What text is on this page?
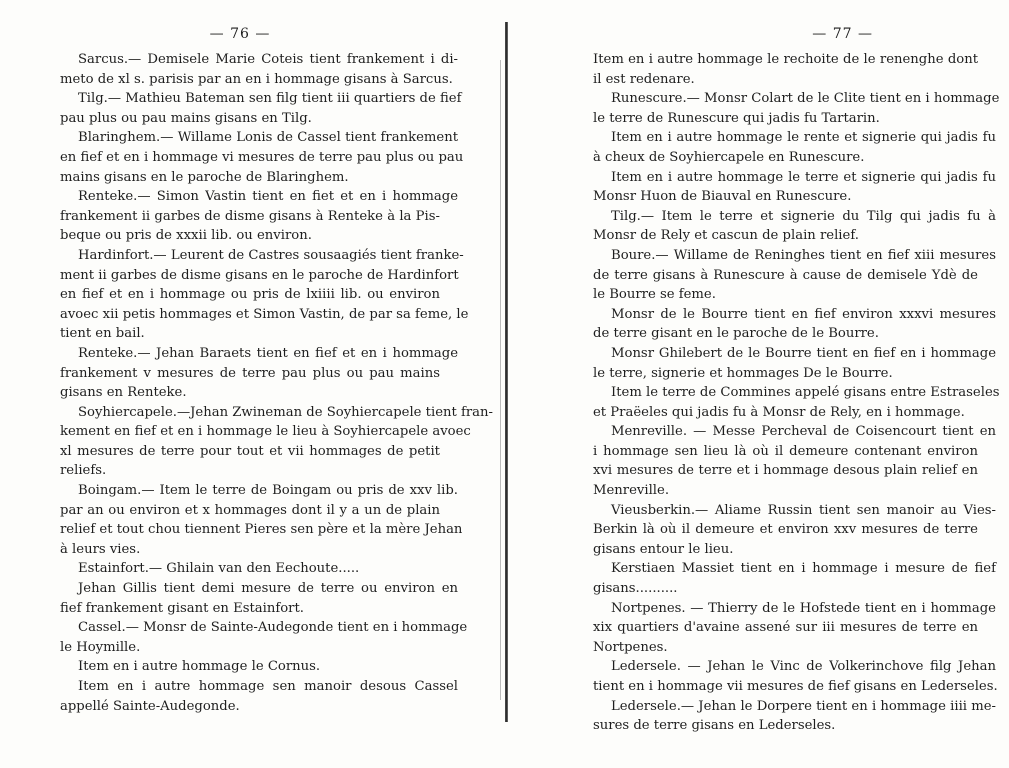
— 76 —
Sarcus.— Demisele Marie Coteis tient frankement i di-
meto de xl s. parisis par an en i hommage gisans à Sarcus.
Tilg.— Mathieu Bateman sen filg tient iii quartiers de fief
pau plus ou pau mains gisans en Tilg.
Blaringhem.— Willame Lonis de Cassel tient frankement
en fief et en i hommage vi mesures de terre pau plus ou pau
mains gisans en le paroche de Blaringhem.
Renteke.— Simon Vastin tient en fiet et en i hommage
frankement ii garbes de disme gisans à Renteke à la Pis-
beque ou pris de xxxii lib. ou environ.
Hardinfort.— Leurent de Castres sousaagiés tient franke-
ment ii garbes de disme gisans en le paroche de Hardinfort
en fief et en i hommage ou pris de lxiiii lib. ou environ
avoec xii petis hommages et Simon Vastin, de par sa feme, le
tient en bail.
Renteke.— Jehan Baraets tient en fief et en i hommage
frankement v mesures de terre pau plus ou pau mains
gisans en Renteke.
Soyhiercapele.—Jehan Zwineman de Soyhiercapele tient fran-
kement en fief et en i hommage le lieu à Soyhiercapele avoec
xl mesures de terre pour tout et vii hommages de petit
reliefs.
Boingam.— Item le terre de Boingam ou pris de xxv lib.
par an ou environ et x hommages dont il y a un de plain
relief et tout chou tiennent Pieres sen père et la mère Jehan
à leurs vies.
Estainfort.— Ghilain van den Eechoute.....
Jehan Gillis tient demi mesure de terre ou environ en
fief frankement gisant en Estainfort.
Cassel.— Monsr de Sainte-Audegonde tient en i hommage
le Hoymille.
Item en i autre hommage le Cornus.
Item en i autre hommage sen manoir desous Cassel
appellé Sainte-Audegonde.
— 77 —
Item en i autre hommage le rechoite de le renenghe dont
il est redenare.
Runescure.— Monsr Colart de le Clite tient en i hommage
le terre de Runescure qui jadis fu Tartarin.
Item en i autre hommage le rente et signerie qui jadis fu
à cheux de Soyhiercapele en Runescure.
Item en i autre hommage le terre et signerie qui jadis fu
Monsr Huon de Biauval en Runescure.
Tilg.— Item le terre et signerie du Tilg qui jadis fu à
Monsr de Rely et cascun de plain relief.
Boure.— Willame de Reninghes tient en fief xiii mesures
de terre gisans à Runescure à cause de demisele Ydè de
le Bourre se feme.
Monsr de le Bourre tient en fief environ xxxvi mesures
de terre gisant en le paroche de le Bourre.
Monsr Ghilebert de le Bourre tient en fief en i hommage
le terre, signerie et hommages De le Bourre.
Item le terre de Commines appelé gisans entre Estraseles
et Praëeles qui jadis fu à Monsr de Rely, en i hommage.
Menreville. — Messe Percheval de Coisencourt tient en
i hommage sen lieu là où il demeure contenant environ
xvi mesures de terre et i hommage desous plain relief en
Menreville.
Vieusberkin.— Aliame Russin tient sen manoir au Vies-
Berkin là où il demeure et environ xxv mesures de terre
gisans entour le lieu.
Kerstiaen Massiet tient en i hommage i mesure de fief
gisans..........
Nortpenes. — Thierry de le Hofstede tient en i hommage
xix quartiers d'avaine assené sur iii mesures de terre en
Nortpenes.
Ledersele. — Jehan le Vinc de Volkerinchove filg Jehan
tient en i hommage vii mesures de fief gisans en Lederseles.
Ledersele.— Jehan le Dorpere tient en i hommage iiii me-
sures de terre gisans en Lederseles.
